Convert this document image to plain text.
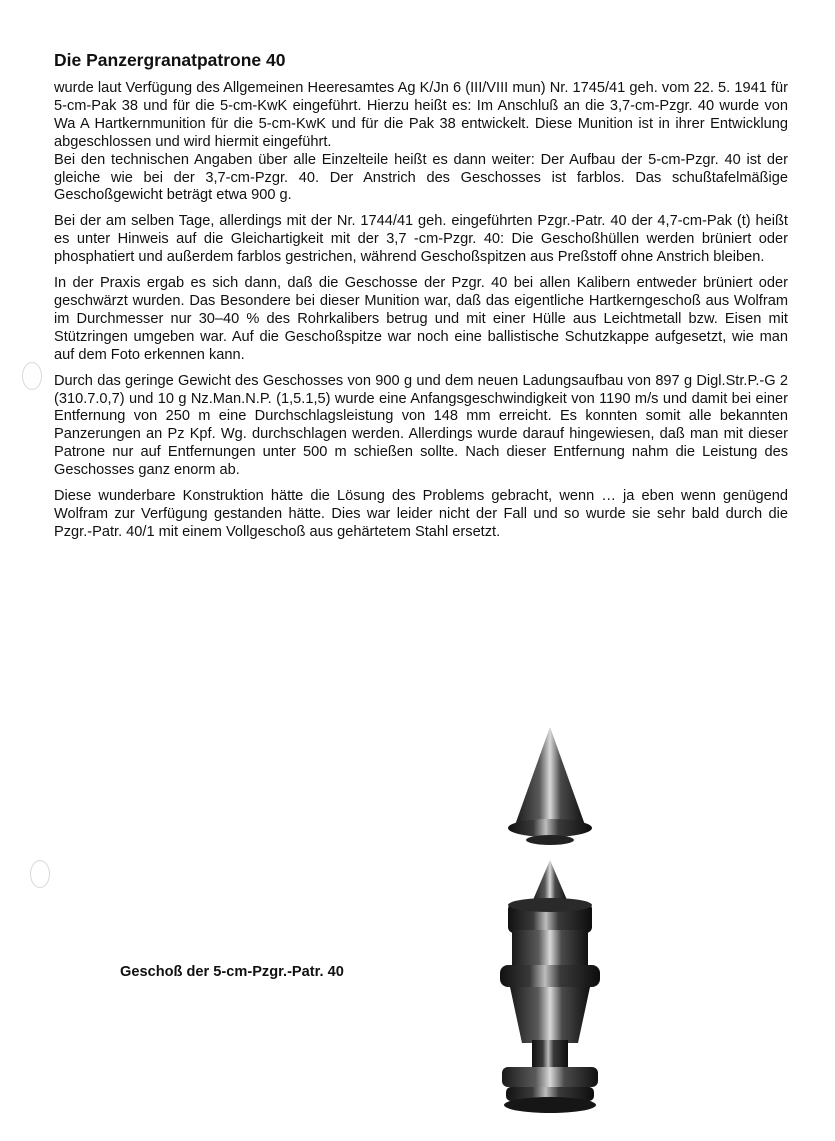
Die Panzergranatpatrone 40

wurde laut Verfügung des Allgemeinen Heeresamtes Ag K/Jn 6 (III/VIII mun) Nr. 1745/41 geh. vom 22. 5. 1941 für 5-cm-Pak 38 und für die 5-cm-KwK eingeführt. Hierzu heißt es: Im Anschluß an die 3,7-cm-Pzgr. 40 wurde von Wa A Hartkernmunition für die 5-cm-KwK und für die Pak 38 entwickelt. Diese Munition ist in ihrer Entwicklung abgeschlossen und wird hiermit eingeführt.

Bei den technischen Angaben über alle Einzelteile heißt es dann weiter: Der Aufbau der 5-cm-Pzgr. 40 ist der gleiche wie bei der 3,7-cm-Pzgr. 40. Der Anstrich des Geschosses ist farblos. Das schußtafelmäßige Geschoßgewicht beträgt etwa 900 g.

Bei der am selben Tage, allerdings mit der Nr. 1744/41 geh. eingeführten Pzgr.-Patr. 40 der 4,7-cm-Pak (t) heißt es unter Hinweis auf die Gleichartigkeit mit der 3,7 -cm-Pzgr. 40: Die Geschoßhüllen werden brüniert oder phosphatiert und außerdem farblos gestrichen, während Geschoßspitzen aus Preßstoff ohne Anstrich bleiben.

In der Praxis ergab es sich dann, daß die Geschosse der Pzgr. 40 bei allen Kalibern entweder brüniert oder geschwärzt wurden. Das Besondere bei dieser Munition war, daß das eigentliche Hartkerngeschoß aus Wolfram im Durchmesser nur 30–40 % des Rohrkalibers betrug und mit einer Hülle aus Leichtmetall bzw. Eisen mit Stützringen umgeben war. Auf die Geschoßspitze war noch eine ballistische Schutzkappe aufgesetzt, wie man auf dem Foto erkennen kann.

Durch das geringe Gewicht des Geschosses von 900 g und dem neuen Ladungsaufbau von 897 g Digl.Str.P.-G 2 (310.7.0,7) und 10 g Nz.Man.N.P. (1,5.1,5) wurde eine Anfangsgeschwindigkeit von 1190 m/s und damit bei einer Entfernung von 250 m eine Durchschlagsleistung von 148 mm erreicht. Es konnten somit alle bekannten Panzerungen an Pz Kpf. Wg. durchschlagen werden. Allerdings wurde darauf hingewiesen, daß man mit dieser Patrone nur auf Entfernungen unter 500 m schießen sollte. Nach dieser Entfernung nahm die Leistung des Geschosses ganz enorm ab.

Diese wunderbare Konstruktion hätte die Lösung des Problems gebracht, wenn … ja eben wenn genügend Wolfram zur Verfügung gestanden hätte. Dies war leider nicht der Fall und so wurde sie sehr bald durch die Pzgr.-Patr. 40/1 mit einem Vollgeschoß aus gehärtetem Stahl ersetzt.

Geschoß der 5-cm-Pzgr.-Patr. 40
